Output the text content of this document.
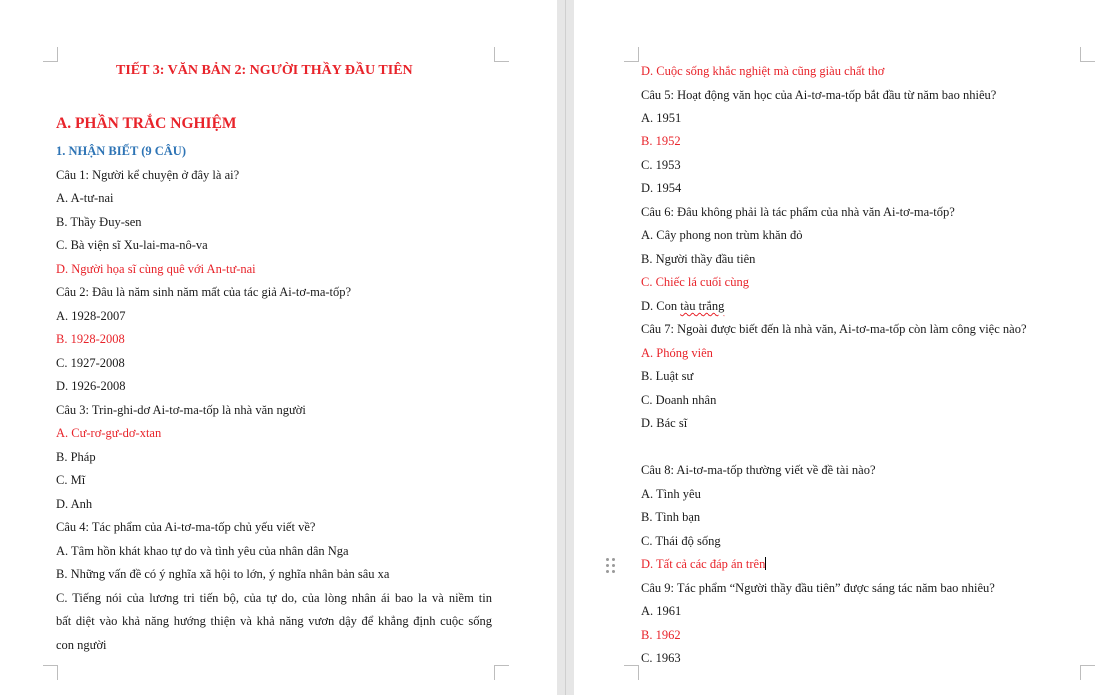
TIẾT 3: VĂN BẢN 2: NGƯỜI THẦY ĐẦU TIÊN
A. PHẦN TRẮC NGHIỆM
1. NHẬN BIẾT (9 CÂU)
Câu 1: Người kể chuyện ở đây là ai?
A. A-tư-nai
B. Thầy Đuy-sen
C. Bà viện sĩ Xu-lai-ma-nô-va
D. Người họa sĩ cùng quê với An-tư-nai
Câu 2: Đâu là năm sinh năm mất của tác giả Ai-tơ-ma-tốp?
A. 1928-2007
B. 1928-2008
C. 1927-2008
D. 1926-2008
Câu 3: Trin-ghi-dơ Ai-tơ-ma-tốp là nhà văn người
A. Cư-rơ-gư-dơ-xtan
B. Pháp
C. Mĩ
D. Anh
Câu 4: Tác phẩm của Ai-tơ-ma-tốp chủ yếu viết về?
A. Tâm hồn khát khao tự do và tình yêu của nhân dân Nga
B. Những vấn đề có ý nghĩa xã hội to lớn, ý nghĩa nhân bản sâu xa
C. Tiếng nói của lương tri tiến bộ, của tự do, của lòng nhân ái bao la và niềm tin
bất diệt vào khả năng hướng thiện và khả năng vươn dậy để khẳng định cuộc sống
con người
D. Cuộc sống khắc nghiệt mà cũng giàu chất thơ
Câu 5: Hoạt động văn học của Ai-tơ-ma-tốp bắt đầu từ năm bao nhiêu?
A. 1951
B. 1952
C. 1953
D. 1954
Câu 6: Đâu không phải là tác phẩm của nhà văn Ai-tơ-ma-tốp?
A. Cây phong non trùm khăn đỏ
B. Người thầy đầu tiên
C. Chiếc lá cuối cùng
D. Con tàu trắng
Câu 7: Ngoài được biết đến là nhà văn, Ai-tơ-ma-tốp còn làm công việc nào?
A. Phóng viên
B. Luật sư
C. Doanh nhân
D. Bác sĩ
Câu 8: Ai-tơ-ma-tốp thường viết về đề tài nào?
A. Tình yêu
B. Tình bạn
C. Thái độ sống
D. Tất cả các đáp án trên
Câu 9: Tác phẩm “Người thầy đầu tiên” được sáng tác năm bao nhiêu?
A. 1961
B. 1962
C. 1963
